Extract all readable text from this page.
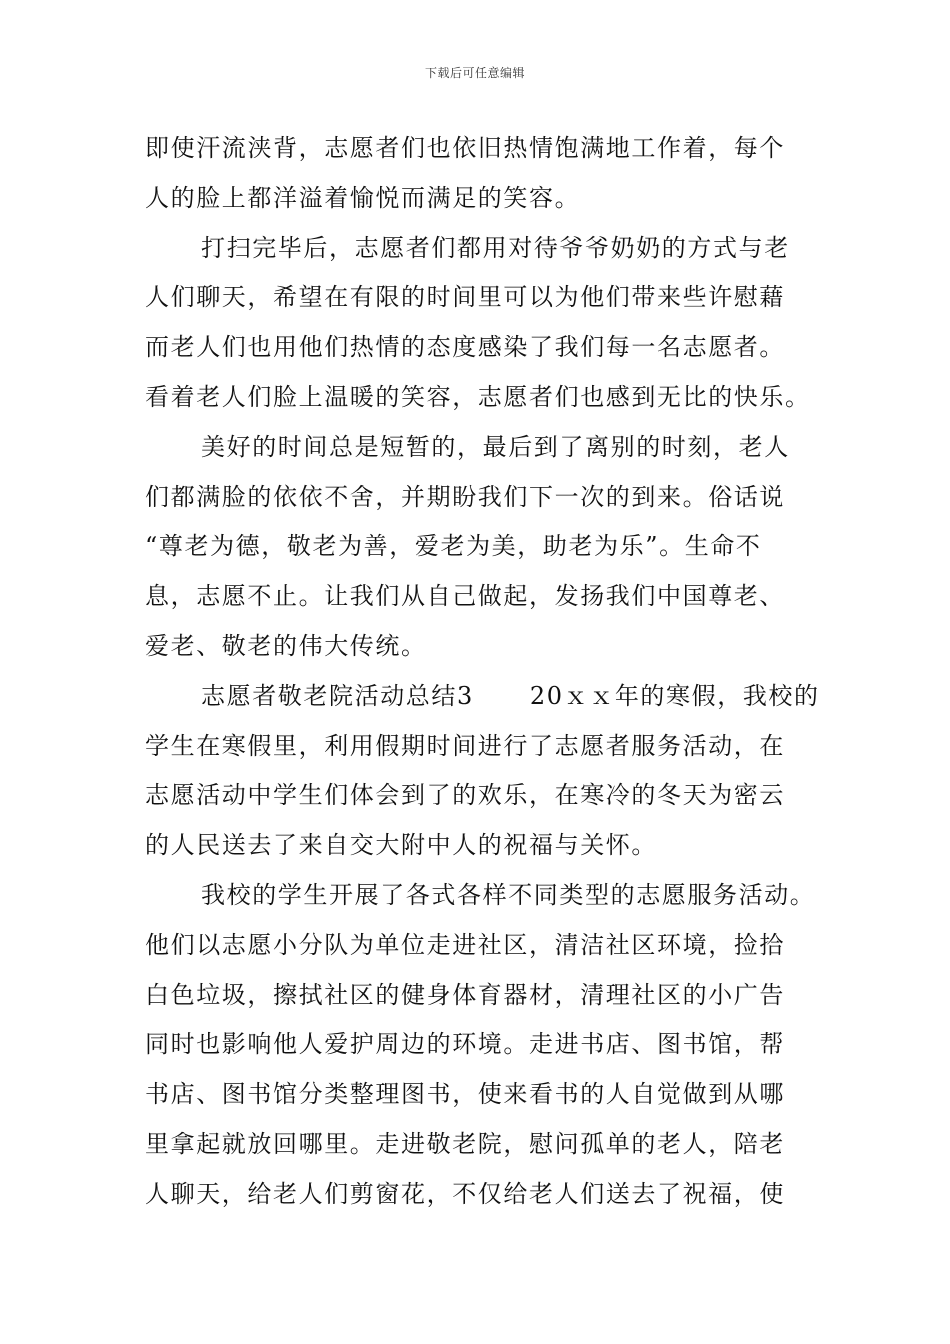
下载后可任意编辑
即使汗流浃背，志愿者们也依旧热情饱满地工作着，每个
人的脸上都洋溢着愉悦而满足的笑容。
打扫完毕后，志愿者们都用对待爷爷奶奶的方式与老
人们聊天，希望在有限的时间里可以为他们带来些许慰藉
而老人们也用他们热情的态度感染了我们每一名志愿者。
看着老人们脸上温暖的笑容，志愿者们也感到无比的快乐。
美好的时间总是短暂的，最后到了离别的时刻，老人
们都满脸的依依不舍，并期盼我们下一次的到来。俗话说
“尊老为德，敬老为善，爱老为美，助老为乐”。生命不
息，志愿不止。让我们从自己做起，发扬我们中国尊老、
爱老、敬老的伟大传统。
志愿者敬老院活动总结3 20ｘｘ年的寒假，我校的
学生在寒假里，利用假期时间进行了志愿者服务活动，在
志愿活动中学生们体会到了的欢乐，在寒冷的冬天为密云
的人民送去了来自交大附中人的祝福与关怀。
我校的学生开展了各式各样不同类型的志愿服务活动。
他们以志愿小分队为单位走进社区，清洁社区环境，捡拾
白色垃圾，擦拭社区的健身体育器材，清理社区的小广告
同时也影响他人爱护周边的环境。走进书店、图书馆，帮
书店、图书馆分类整理图书，使来看书的人自觉做到从哪
里拿起就放回哪里。走进敬老院，慰问孤单的老人，陪老
人聊天，给老人们剪窗花，不仅给老人们送去了祝福，使
